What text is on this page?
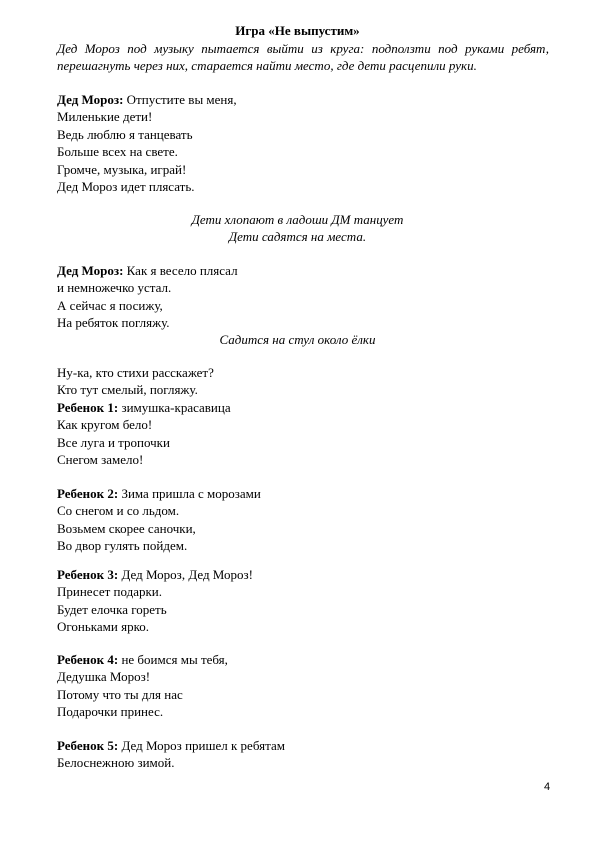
Игра «Не выпустим»
Дед Мороз под музыку пытается выйти из круга: подползти под руками ребят, перешагнуть через них, старается найти место, где дети расцепили руки.
Дед Мороз: Отпустите вы меня,
Миленькие дети!
Ведь люблю я танцевать
Больше всех на свете.
Громче, музыка, играй!
Дед Мороз идет плясать.
Дети хлопают в ладоши ДМ танцует
Дети садятся на места.
Дед Мороз: Как я весело плясал
и немножечко устал.
А сейчас я посижу,
На ребяток погляжу.
Садится на стул около ёлки
Ну-ка, кто стихи расскажет?
Кто тут смелый, погляжу.
Ребенок 1: зимушка-красавица
Как кругом бело!
Все луга и тропочки
Снегом замело!
Ребенок 2: Зима пришла с морозами
Со снегом и со льдом.
Возьмем скорее саночки,
Во двор гулять пойдем.
Ребенок 3: Дед Мороз, Дед Мороз!
Принесет подарки.
Будет елочка гореть
Огоньками ярко.
Ребенок 4: не боимся мы тебя,
Дедушка Мороз!
Потому что ты для нас
Подарочки принес.
Ребенок 5: Дед Мороз пришел к ребятам
Белоснежною зимой.
4
